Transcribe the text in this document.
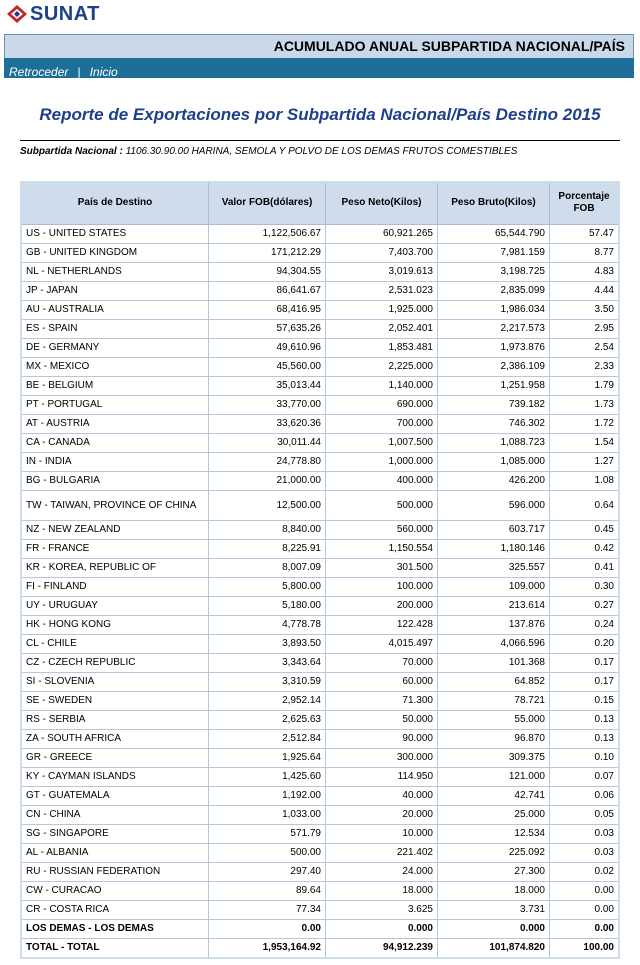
SUNAT
ACUMULADO ANUAL SUBPARTIDA NACIONAL/PAÍS
Retroceder | Inicio
Reporte de Exportaciones por Subpartida Nacional/País Destino 2015
Subpartida Nacional : 1106.30.90.00 HARINA, SEMOLA Y POLVO DE LOS DEMAS FRUTOS COMESTIBLES
País de Destino	Valor FOB(dólares)	Peso Neto(Kilos)	Peso Bruto(Kilos)	Porcentaje FOB
US - UNITED STATES	1,122,506.67	60,921.265	65,544.790	57.47
GB - UNITED KINGDOM	171,212.29	7,403.700	7,981.159	8.77
NL - NETHERLANDS	94,304.55	3,019.613	3,198.725	4.83
JP - JAPAN	86,641.67	2,531.023	2,835.099	4.44
AU - AUSTRALIA	68,416.95	1,925.000	1,986.034	3.50
ES - SPAIN	57,635.26	2,052.401	2,217.573	2.95
DE - GERMANY	49,610.96	1,853.481	1,973.876	2.54
MX - MEXICO	45,560.00	2,225.000	2,386.109	2.33
BE - BELGIUM	35,013.44	1,140.000	1,251.958	1.79
PT - PORTUGAL	33,770.00	690.000	739.182	1.73
AT - AUSTRIA	33,620.36	700.000	746.302	1.72
CA - CANADA	30,011.44	1,007.500	1,088.723	1.54
IN - INDIA	24,778.80	1,000.000	1,085.000	1.27
BG - BULGARIA	21,000.00	400.000	426.200	1.08
TW - TAIWAN, PROVINCE OF CHINA	12,500.00	500.000	596.000	0.64
NZ - NEW ZEALAND	8,840.00	560.000	603.717	0.45
FR - FRANCE	8,225.91	1,150.554	1,180.146	0.42
KR - KOREA, REPUBLIC OF	8,007.09	301.500	325.557	0.41
FI - FINLAND	5,800.00	100.000	109.000	0.30
UY - URUGUAY	5,180.00	200.000	213.614	0.27
HK - HONG KONG	4,778.78	122.428	137.876	0.24
CL - CHILE	3,893.50	4,015.497	4,066.596	0.20
CZ - CZECH REPUBLIC	3,343.64	70.000	101.368	0.17
SI - SLOVENIA	3,310.59	60.000	64.852	0.17
SE - SWEDEN	2,952.14	71.300	78.721	0.15
RS - SERBIA	2,625.63	50.000	55.000	0.13
ZA - SOUTH AFRICA	2,512.84	90.000	96.870	0.13
GR - GREECE	1,925.64	300.000	309.375	0.10
KY - CAYMAN ISLANDS	1,425.60	114.950	121.000	0.07
GT - GUATEMALA	1,192.00	40.000	42.741	0.06
CN - CHINA	1,033.00	20.000	25.000	0.05
SG - SINGAPORE	571.79	10.000	12.534	0.03
AL - ALBANIA	500.00	221.402	225.092	0.03
RU - RUSSIAN FEDERATION	297.40	24.000	27.300	0.02
CW - CURACAO	89.64	18.000	18.000	0.00
CR - COSTA RICA	77.34	3.625	3.731	0.00
LOS DEMAS - LOS DEMAS	0.00	0.000	0.000	0.00
TOTAL - TOTAL	1,953,164.92	94,912.239	101,874.820	100.00
